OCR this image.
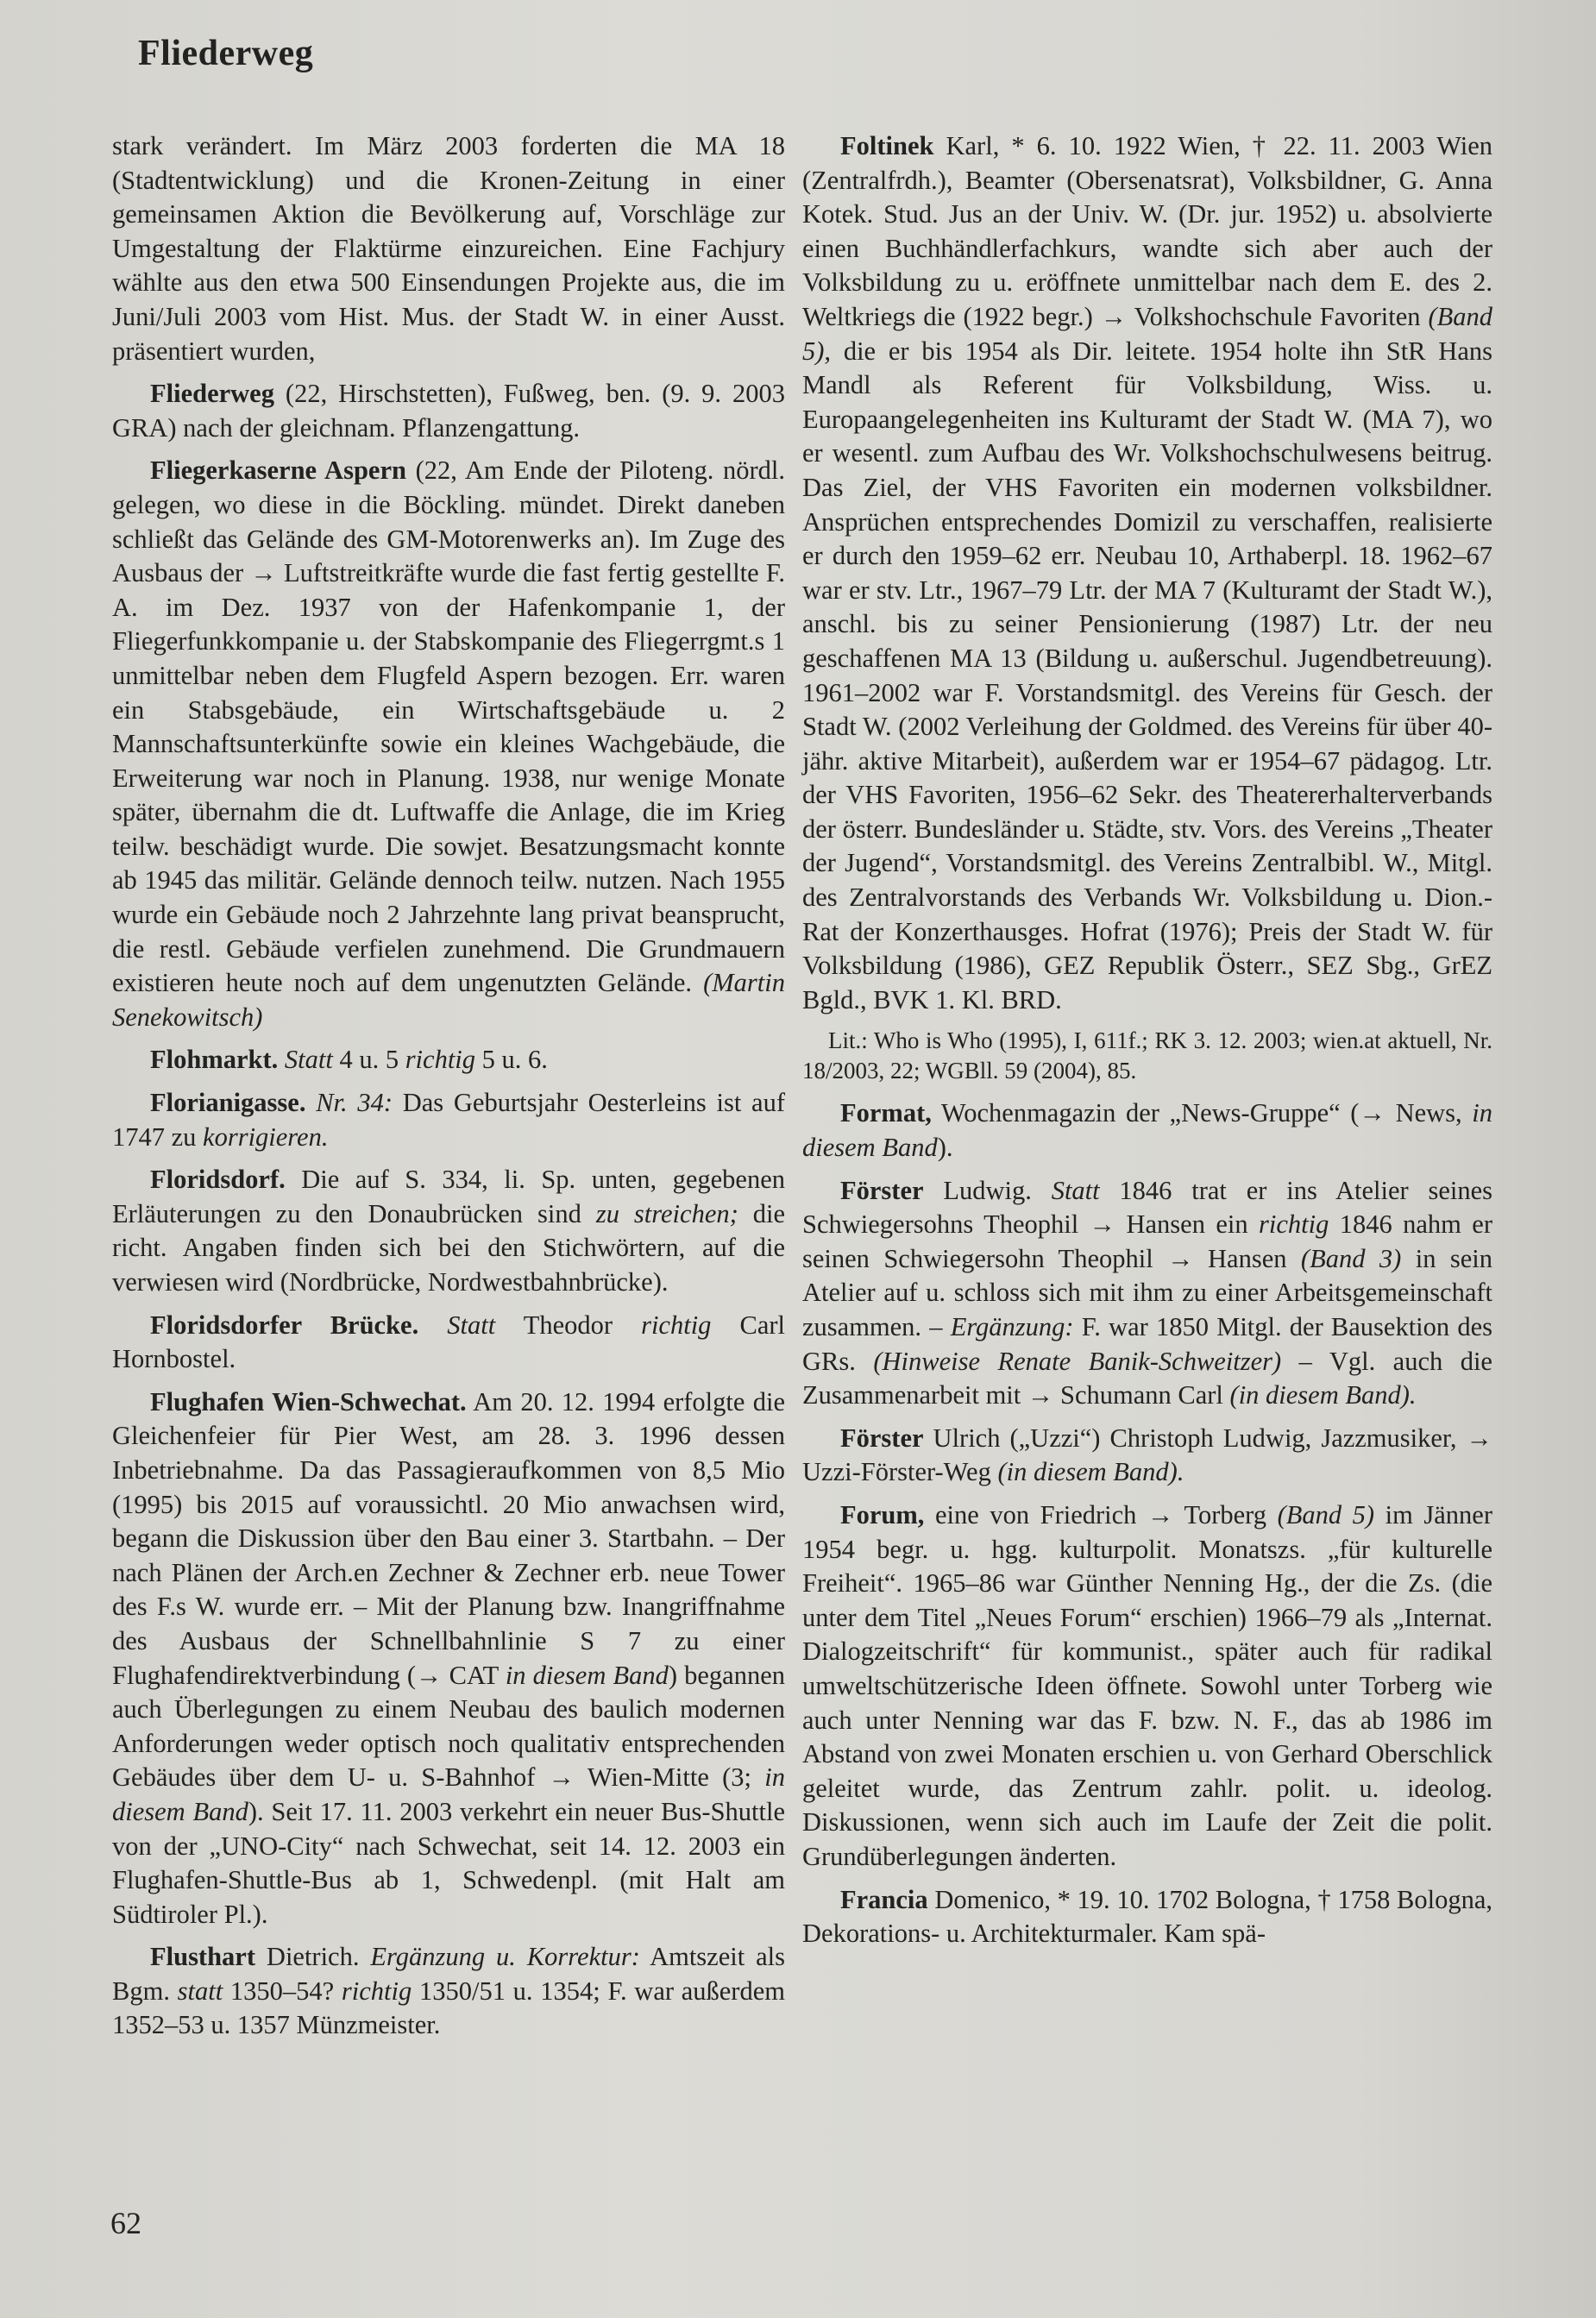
Fliederweg

stark verändert. Im März 2003 forderten die MA 18 (Stadtentwicklung) und die Kronen-Zeitung in einer gemeinsamen Aktion die Bevölkerung auf, Vorschläge zur Umgestaltung der Flaktürme einzureichen. Eine Fachjury wählte aus den etwa 500 Einsendungen Projekte aus, die im Juni/Juli 2003 vom Hist. Mus. der Stadt W. in einer Ausst. präsentiert wurden,

Fliederweg (22, Hirschstetten), Fußweg, ben. (9. 9. 2003 GRA) nach der gleichnam. Pflanzengattung.

Fliegerkaserne Aspern (22, Am Ende der Piloteng. nördl. gelegen, wo diese in die Böckling. mündet. Direkt daneben schließt das Gelände des GM-Motorenwerks an). Im Zuge des Ausbaus der → Luftstreitkräfte wurde die fast fertig gestellte F. A. im Dez. 1937 von der Hafenkompanie 1, der Fliegerfunkkompanie u. der Stabskompanie des Fliegerrgmt.s 1 unmittelbar neben dem Flugfeld Aspern bezogen. Err. waren ein Stabsgebäude, ein Wirtschaftsgebäude u. 2 Mannschaftsunterkünfte sowie ein kleines Wachgebäude, die Erweiterung war noch in Planung. 1938, nur wenige Monate später, übernahm die dt. Luftwaffe die Anlage, die im Krieg teilw. beschädigt wurde. Die sowjet. Besatzungsmacht konnte ab 1945 das militär. Gelände dennoch teilw. nutzen. Nach 1955 wurde ein Gebäude noch 2 Jahrzehnte lang privat beansprucht, die restl. Gebäude verfielen zunehmend. Die Grundmauern existieren heute noch auf dem ungenutzten Gelände. (Martin Senekowitsch)

Flohmarkt. Statt 4 u. 5 richtig 5 u. 6.

Florianigasse. Nr. 34: Das Geburtsjahr Oesterleins ist auf 1747 zu korrigieren.

Floridsdorf. Die auf S. 334, li. Sp. unten, gegebenen Erläuterungen zu den Donaubrücken sind zu streichen; die richt. Angaben finden sich bei den Stichwörtern, auf die verwiesen wird (Nordbrücke, Nordwestbahnbrücke).

Floridsdorfer Brücke. Statt Theodor richtig Carl Hornbostel.

Flughafen Wien-Schwechat. Am 20. 12. 1994 erfolgte die Gleichenfeier für Pier West, am 28. 3. 1996 dessen Inbetriebnahme. Da das Passagieraufkommen von 8,5 Mio (1995) bis 2015 auf voraussichtl. 20 Mio anwachsen wird, begann die Diskussion über den Bau einer 3. Startbahn. – Der nach Plänen der Arch.en Zechner & Zechner erb. neue Tower des F.s W. wurde err. – Mit der Planung bzw. Inangriffnahme des Ausbaus der Schnellbahnlinie S 7 zu einer Flughafendirektverbindung (→ CAT in diesem Band) begannen auch Überlegungen zu einem Neubau des baulich modernen Anforderungen weder optisch noch qualitativ entsprechenden Gebäudes über dem U- u. S-Bahnhof → Wien-Mitte (3; in diesem Band). Seit 17. 11. 2003 verkehrt ein neuer Bus-Shuttle von der „UNO-City“ nach Schwechat, seit 14. 12. 2003 ein Flughafen-Shuttle-Bus ab 1, Schwedenpl. (mit Halt am Südtiroler Pl.).

Flusthart Dietrich. Ergänzung u. Korrektur: Amtszeit als Bgm. statt 1350–54? richtig 1350/51 u. 1354; F. war außerdem 1352–53 u. 1357 Münzmeister.

Foltinek Karl, * 6. 10. 1922 Wien, † 22. 11. 2003 Wien (Zentralfrdh.), Beamter (Obersenatsrat), Volksbildner, G. Anna Kotek. Stud. Jus an der Univ. W. (Dr. jur. 1952) u. absolvierte einen Buchhändlerfachkurs, wandte sich aber auch der Volksbildung zu u. eröffnete unmittelbar nach dem E. des 2. Weltkriegs die (1922 begr.) → Volkshochschule Favoriten (Band 5), die er bis 1954 als Dir. leitete. 1954 holte ihn StR Hans Mandl als Referent für Volksbildung, Wiss. u. Europaangelegenheiten ins Kulturamt der Stadt W. (MA 7), wo er wesentl. zum Aufbau des Wr. Volkshochschulwesens beitrug. Das Ziel, der VHS Favoriten ein modernen volksbildner. Ansprüchen entsprechendes Domizil zu verschaffen, realisierte er durch den 1959–62 err. Neubau 10, Arthaberpl. 18. 1962–67 war er stv. Ltr., 1967–79 Ltr. der MA 7 (Kulturamt der Stadt W.), anschl. bis zu seiner Pensionierung (1987) Ltr. der neu geschaffenen MA 13 (Bildung u. außerschul. Jugendbetreuung). 1961–2002 war F. Vorstandsmitgl. des Vereins für Gesch. der Stadt W. (2002 Verleihung der Goldmed. des Vereins für über 40-jähr. aktive Mitarbeit), außerdem war er 1954–67 pädagog. Ltr. der VHS Favoriten, 1956–62 Sekr. des Theatererhalterverbands der österr. Bundesländer u. Städte, stv. Vors. des Vereins „Theater der Jugend“, Vorstandsmitgl. des Vereins Zentralbibl. W., Mitgl. des Zentralvorstands des Verbands Wr. Volksbildung u. Dion.-Rat der Konzerthausges. Hofrat (1976); Preis der Stadt W. für Volksbildung (1986), GEZ Republik Österr., SEZ Sbg., GrEZ Bgld., BVK 1. Kl. BRD.

Lit.: Who is Who (1995), I, 611f.; RK 3. 12. 2003; wien.at aktuell, Nr. 18/2003, 22; WGBll. 59 (2004), 85.

Format, Wochenmagazin der „News-Gruppe“ (→ News, in diesem Band).

Förster Ludwig. Statt 1846 trat er ins Atelier seines Schwiegersohns Theophil → Hansen ein richtig 1846 nahm er seinen Schwiegersohn Theophil → Hansen (Band 3) in sein Atelier auf u. schloss sich mit ihm zu einer Arbeitsgemeinschaft zusammen. – Ergänzung: F. war 1850 Mitgl. der Bausektion des GRs. (Hinweise Renate Banik-Schweitzer) – Vgl. auch die Zusammenarbeit mit → Schumann Carl (in diesem Band).

Förster Ulrich („Uzzi“) Christoph Ludwig, Jazzmusiker, → Uzzi-Förster-Weg (in diesem Band).

Forum, eine von Friedrich → Torberg (Band 5) im Jänner 1954 begr. u. hgg. kulturpolit. Monatszs. „für kulturelle Freiheit“. 1965–86 war Günther Nenning Hg., der die Zs. (die unter dem Titel „Neues Forum“ erschien) 1966–79 als „Internat. Dialogzeitschrift“ für kommunist., später auch für radikal umweltschützerische Ideen öffnete. Sowohl unter Torberg wie auch unter Nenning war das F. bzw. N. F., das ab 1986 im Abstand von zwei Monaten erschien u. von Gerhard Oberschlick geleitet wurde, das Zentrum zahlr. polit. u. ideolog. Diskussionen, wenn sich auch im Laufe der Zeit die polit. Grundüberlegungen änderten.

Francia Domenico, * 19. 10. 1702 Bologna, † 1758 Bologna, Dekorations- u. Architekturmaler. Kam spä-

62
